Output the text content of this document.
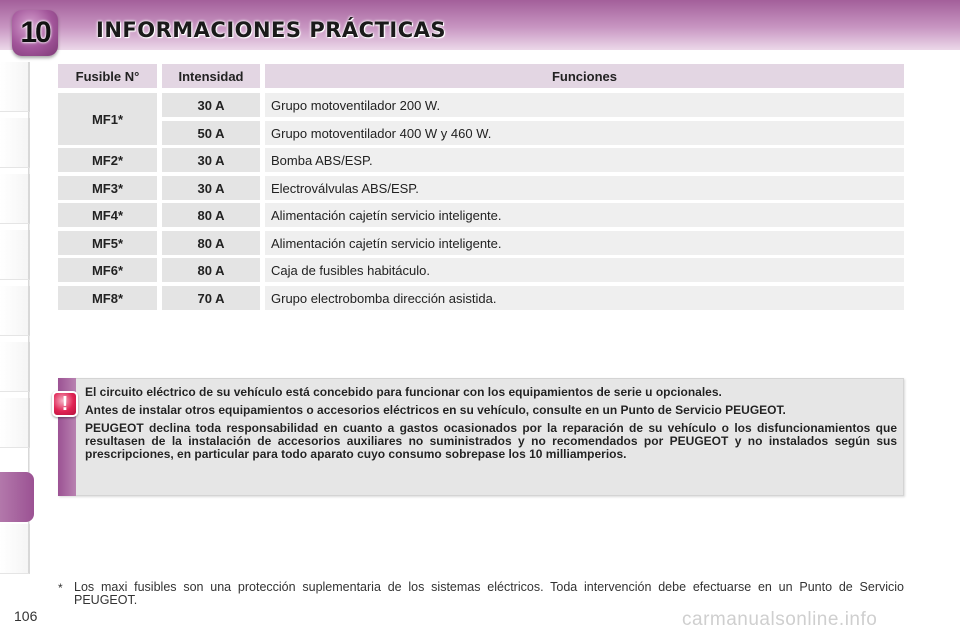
10	INFORMACIONES PRÁCTICAS
Fusible N°	Intensidad	Funciones
MF1*
30 A	Grupo motoventilador 200 W.
50 A	Grupo motoventilador 400 W y 460 W.
MF2*	30 A	Bomba ABS/ESP.
MF3*	30 A	Electroválvulas ABS/ESP.
MF4*	80 A	Alimentación cajetín servicio inteligente.
MF5*	80 A	Alimentación cajetín servicio inteligente.
MF6*	80 A	Caja de fusibles habitáculo.
MF8*	70 A	Grupo electrobomba dirección asistida.
!

El circuito eléctrico de su vehículo está concebido para funcionar con los equipamientos de serie u opcionales.

Antes de instalar otros equipamientos o accesorios eléctricos en su vehículo, consulte en un Punto de Servicio PEUGEOT.

PEUGEOT declina toda responsabilidad en cuanto a gastos ocasionados por la reparación de su vehículo o los disfuncionamientos que resultasen de la instalación de accesorios auxiliares no suministrados y no recomendados por PEUGEOT y no instalados según sus prescripciones, en particular para todo aparato cuyo consumo sobrepase los 10 milliamperios.

* Los maxi fusibles son una protección suplementaria de los sistemas eléctricos. Toda intervención debe efectuarse en un Punto de Servicio PEUGEOT.
106	carmanualsonline.info
